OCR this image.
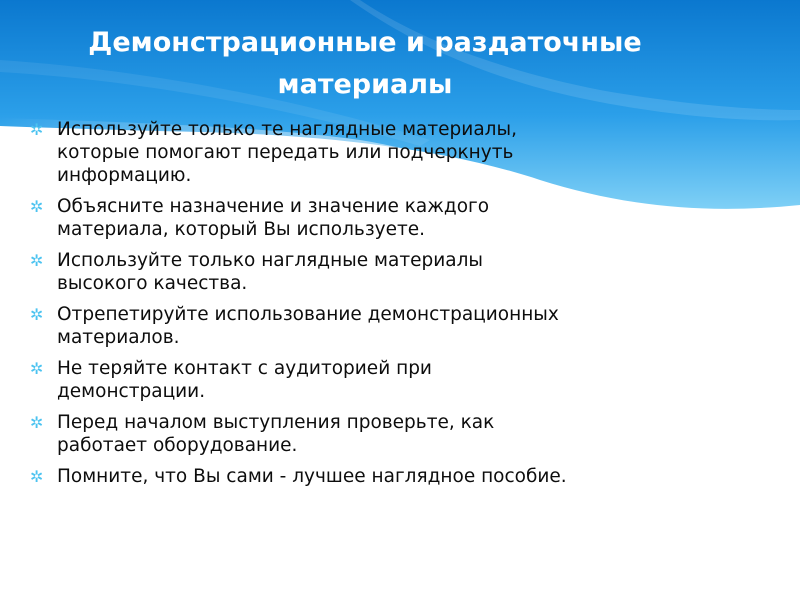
Демонстрационные и раздаточные
материалы
✲ Используйте только те наглядные материалы,
которые помогают передать или подчеркнуть
информацию.
✲ Объясните назначение и значение каждого
материала, который Вы используете.
✲ Используйте только наглядные материалы
высокого качества.
✲ Отрепетируйте использование демонстрационных
материалов.
✲ Не теряйте контакт с аудиторией при
демонстрации.
✲ Перед началом выступления проверьте, как
работает оборудование.
✲ Помните, что Вы сами - лучшее наглядное пособие.
